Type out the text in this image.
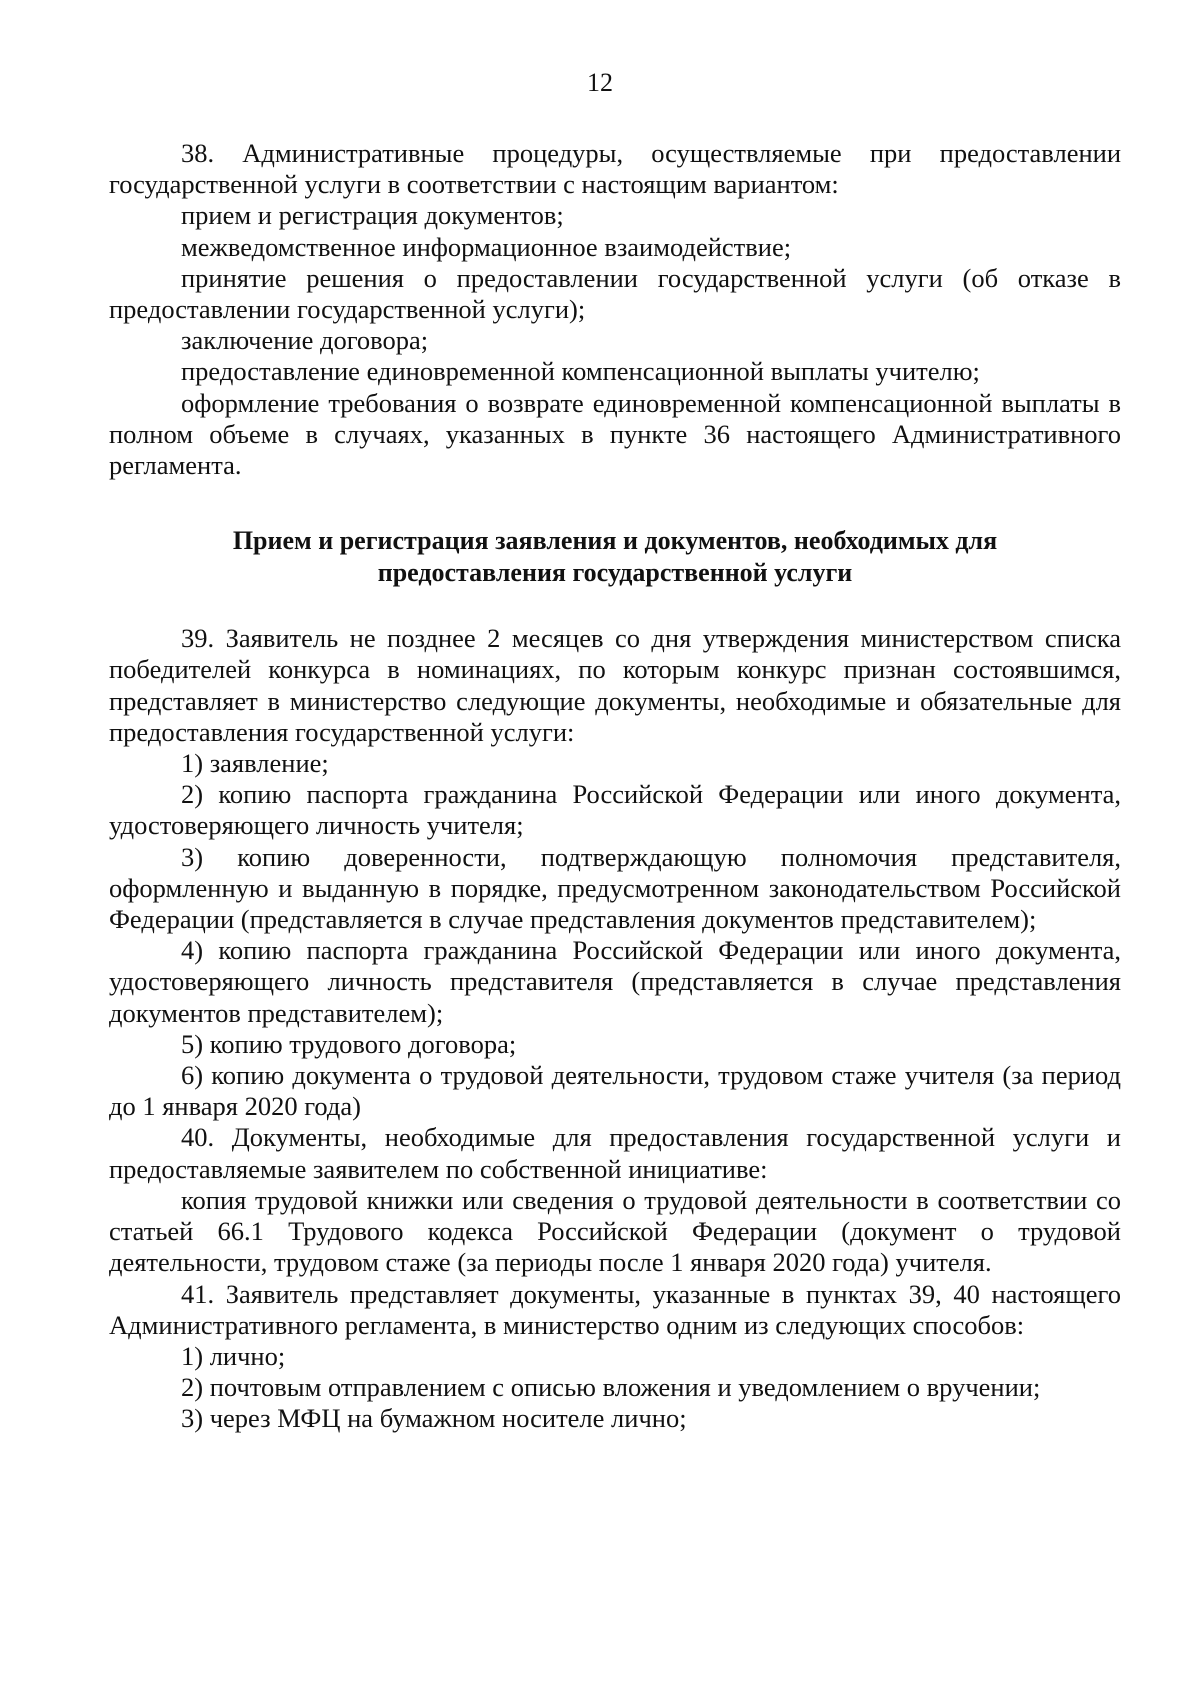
12

38. Административные процедуры, осуществляемые при предоставлении государственной услуги в соответствии с настоящим вариантом:

прием и регистрация документов;

межведомственное информационное взаимодействие;

принятие решения о предоставлении государственной услуги (об отказе в предоставлении государственной услуги);

заключение договора;

предоставление единовременной компенсационной выплаты учителю;

оформление требования о возврате единовременной компенсационной выплаты в полном объеме в случаях, указанных в пункте 36 настоящего Административного регламента.

Прием и регистрация заявления и документов, необходимых для
предоставления государственной услуги

39. Заявитель не позднее 2 месяцев со дня утверждения министерством списка победителей конкурса в номинациях, по которым конкурс признан состоявшимся, представляет в министерство следующие документы, необходимые и обязательные для предоставления государственной услуги:

1) заявление;

2) копию паспорта гражданина Российской Федерации или иного документа, удостоверяющего личность учителя;

3) копию доверенности, подтверждающую полномочия представителя, оформленную и выданную в порядке, предусмотренном законодательством Российской Федерации (представляется в случае представления документов представителем);

4) копию паспорта гражданина Российской Федерации или иного документа, удостоверяющего личность представителя (представляется в случае представления документов представителем);

5) копию трудового договора;

6) копию документа о трудовой деятельности, трудовом стаже учителя (за период до 1 января 2020 года)

40. Документы, необходимые для предоставления государственной услуги и предоставляемые заявителем по собственной инициативе:

копия трудовой книжки или сведения о трудовой деятельности в соответствии со статьей 66.1 Трудового кодекса Российской Федерации (документ о трудовой деятельности, трудовом стаже (за периоды после 1 января 2020 года) учителя.

41. Заявитель представляет документы, указанные в пунктах 39, 40 настоящего Административного регламента, в министерство одним из следующих способов:

1) лично;

2) почтовым отправлением с описью вложения и уведомлением о вручении;

3) через МФЦ на бумажном носителе лично;
